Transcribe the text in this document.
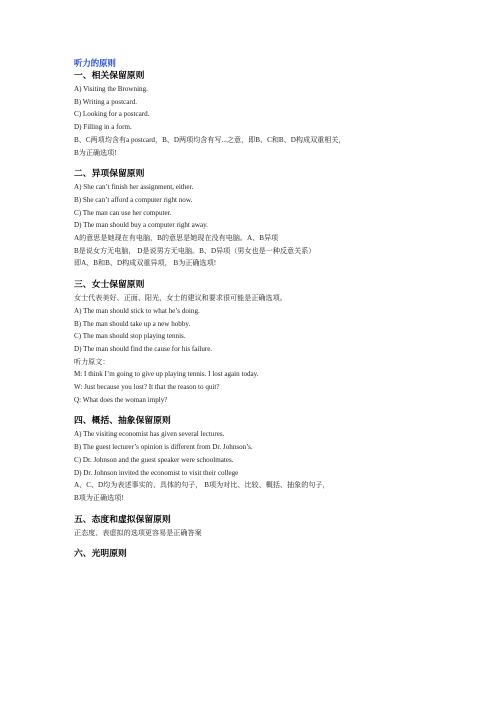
听力的原则

一、相关保留原则

A) Visiting the Browning.

B) Writing a postcard.

C) Looking for a postcard.

D) Filling in a form.

B、C两项均含有a postcard，B、D两项均含有写...之意，即B、C和B、D构成双重相关，

B为正确选项!

二、异项保留原则

A) She can’t finish her assignment, either.

B) She can’t afford a computer right now.

C) The man can use her computer.

D) The man should buy a computer right away.

A的意思是她现在有电脑，B的意思是她现在没有电脑。A、B异项

B是说女方无电脑， D是说男方无电脑。B、D异项（男女也是一种反意关系）

即A、B和B、D构成双重异项， B为正确选项!

三、女士保留原则

女士代表美好、正面、阳光，女士的建议和要求很可能是正确选项。

A) The man should stick to what he’s doing.

B) The man should take up a new hobby.

C) The man should stop playing tennis.

D) The man should find the cause for his failure.

听力原文：

M: I think I’m going to give up playing tennis. I lost again today.

W: Just because you lost? It that the reason to quit?

Q: What does the woman imply?

四、概括、抽象保留原则

A) The visiting economist has given several lectures.

B) The guest lecturer’s opinion is different from Dr. Johnson’s.

C) Dr. Johnson and the guest speaker were schoolmates.

D) Dr. Johnson invited the economist to visit their college

A、C、D均为表述事实的、具体的句子， B项为对比、比较、概括、抽象的句子，

B项为正确选项!

五、态度和虚拟保留原则

正态度、表虚拟的选项更容易是正确答案

六、光明原则
